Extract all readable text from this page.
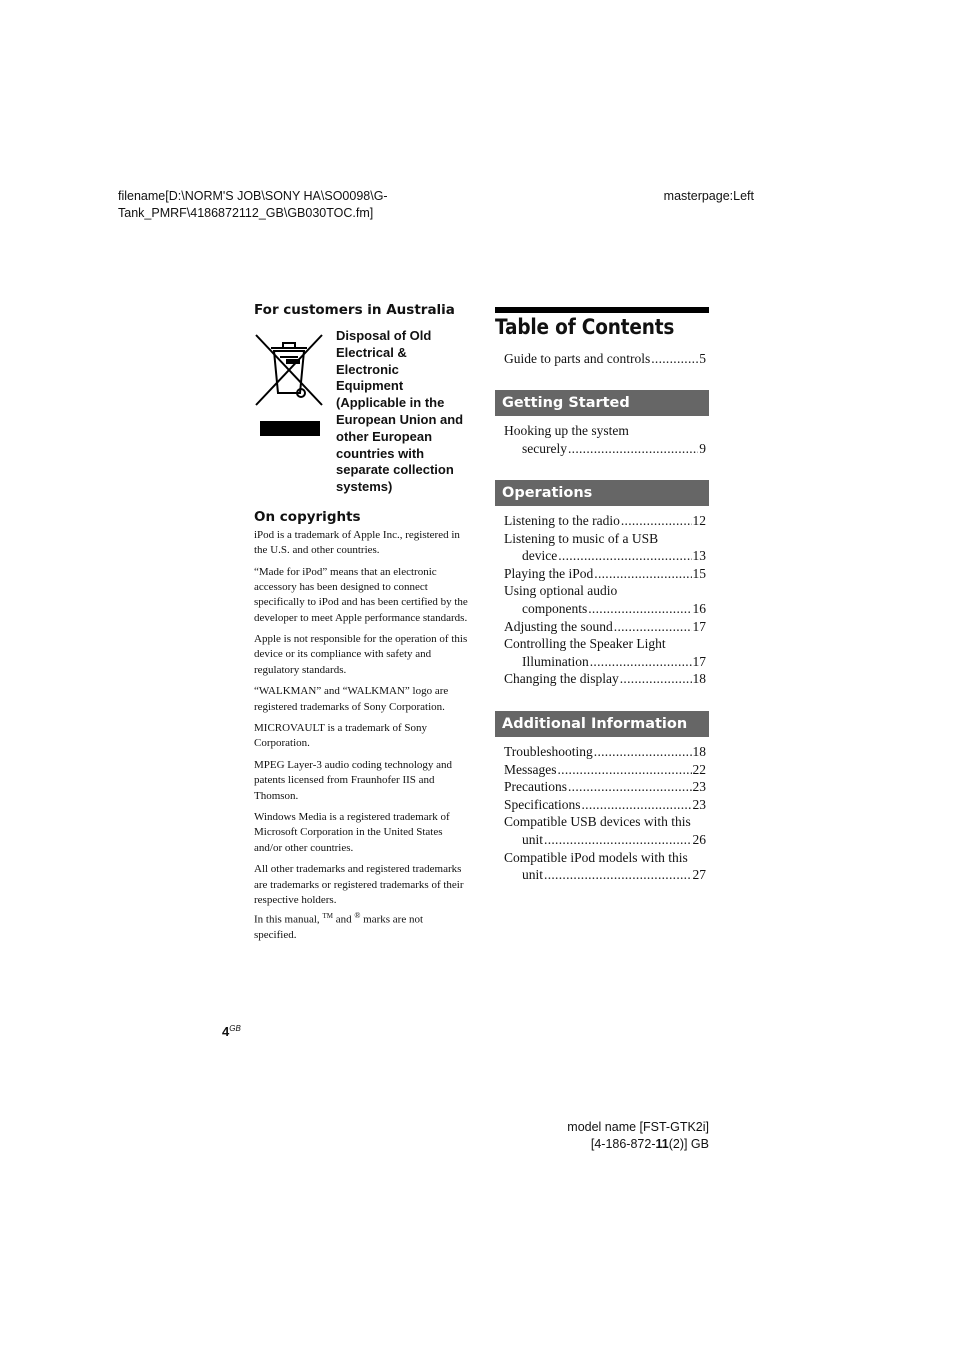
filename[D:\NORM'S JOB\SONY HA\SO0098\G-
Tank_PMRF\4186872112_GB\GB030TOC.fm]
masterpage:Left
For customers in Australia
Disposal of Old Electrical & Electronic Equipment (Applicable in the European Union and other European countries with separate collection systems)
On copyrights

iPod is a trademark of Apple Inc., registered in the U.S. and other countries.

“Made for iPod” means that an electronic accessory has been designed to connect specifically to iPod and has been certified by the developer to meet Apple performance standards.

Apple is not responsible for the operation of this device or its compliance with safety and regulatory standards.

“WALKMAN” and “WALKMAN” logo are registered trademarks of Sony Corporation.

MICROVAULT is a trademark of Sony Corporation.

MPEG Layer-3 audio coding technology and patents licensed from Fraunhofer IIS and Thomson.

Windows Media is a registered trademark of Microsoft Corporation in the United States and/or other countries.

All other trademarks and registered trademarks are trademarks or registered trademarks of their respective holders.

In this manual, ™ and ® marks are not specified.

$4^{GB}$
Table of Contents
Guide to parts and controls .....	5
Getting Started
Hooking up the system
securely .....	9
Operations
Listening to the radio .....	12
Listening to music of a USB
device .....	13
Playing the iPod .....	15
Using optional audio
components .....	16
Adjusting the sound .....	17
Controlling the Speaker Light
Illumination .....	17
Changing the display .....	18
Additional Information
Troubleshooting .....	18
Messages .....	22
Precautions .....	23
Specifications .....	23
Compatible USB devices with this
unit .....	26
Compatible iPod models with this
unit .....	27
model name [FST-GTK2i]
[4-186-872-11(2)] GB
